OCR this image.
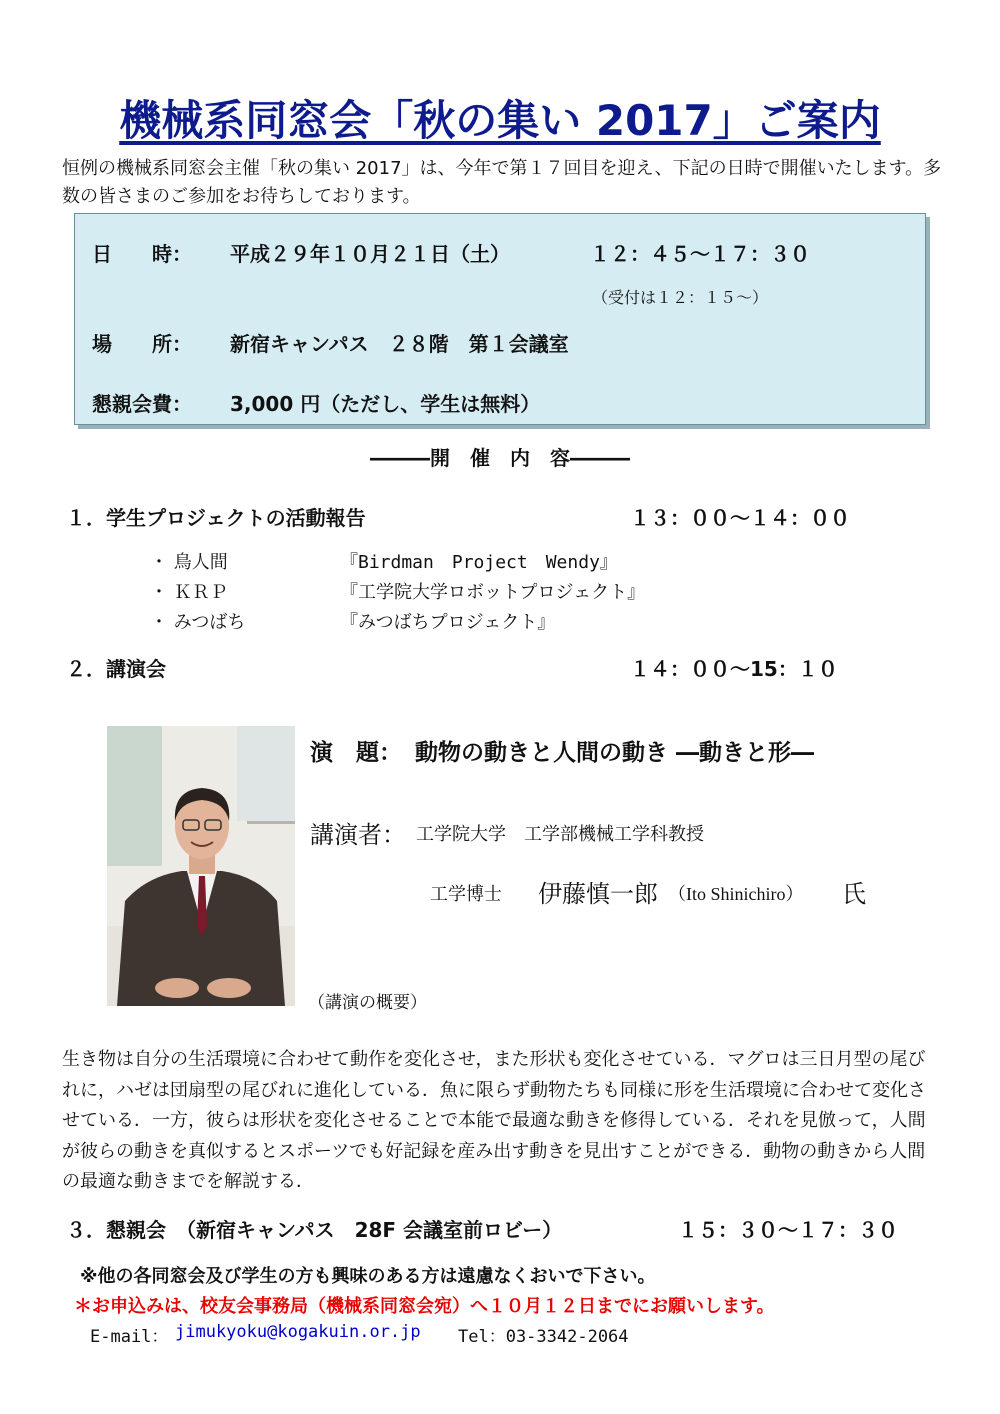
機械系同窓会「秋の集い 2017」ご案内
恒例の機械系同窓会主催「秋の集い 2017」は、今年で第１７回目を迎え、下記の日時で開催いたします。多数の皆さまのご参加をお待ちしております。
日　　時： 平成２９年１０月２１日（土）	１２：４５～１７：３０
（受付は１２：１５～）
場　　所： 新宿キャンパス　２８階　第１会議室
懇親会費： 3,000 円（ただし、学生は無料）
―――開　催　内　容―――
１．学生プロジェクトの活動報告	１３：００～１４：００
・ 鳥人間	『Birdman　Project　Wendy』
・ ＫＲＰ	『工学院大学ロボットプロジェクト』
・ みつばち	『みつばちプロジェクト』
２．講演会	１４：００～15：１０
演　題： 動物の動きと人間の動き ―動きと形―
講演者： 工学院大学　工学部機械工学科教授
工学博士 伊藤慎一郎 （Ito Shinichiro） 氏
（講演の概要）
生き物は自分の生活環境に合わせて動作を変化させ，また形状も変化させている．マグロは三日月型の尾びれに，ハゼは団扇型の尾びれに進化している．魚に限らず動物たちも同様に形を生活環境に合わせて変化させている．一方，彼らは形状を変化させることで本能で最適な動きを修得している．それを見倣って，人間が彼らの動きを真似するとスポーツでも好記録を産み出す動きを見出すことができる．動物の動きから人間の最適な動きまでを解説する．
３．懇親会　（新宿キャンパス　28F 会議室前ロビー）	１５：３０～１７：３０
※他の各同窓会及び学生の方も興味のある方は遠慮なくおいで下さい。
＊お申込みは、校友会事務局（機械系同窓会宛）へ１０月１２日までにお願いします。
E-mail： jimukyoku@kogakuin.or.jp Tel：03-3342-2064
